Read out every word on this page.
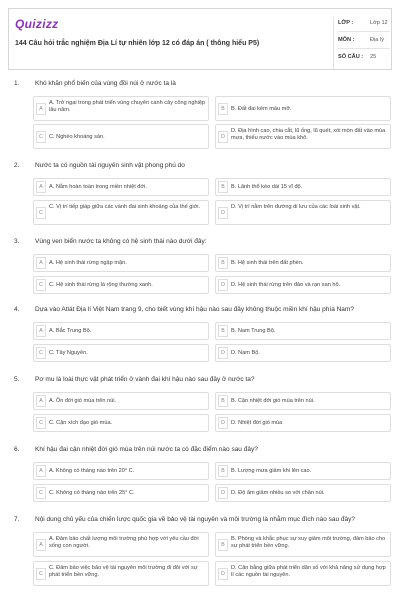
Quizizz
144 Câu hỏi trắc nghiệm Địa Lí tự nhiên lớp 12 có đáp án ( thông hiểu P5)
LỚP :	Lớp 12
MÔN :	Địa lý
SỐ CÂU : 25
1. Khó khăn phổ biến của vùng đồi núi ở nước ta là
A
A. Trở ngại trong phát triển vùng chuyên canh cây công nghiệp lâu năm.	B	B. Đất đai kém màu mỡ.
C	C. Nghèo khoáng sản.	D
D. Địa hình cao, chia cắt, lũ ống, lũ quét, xói mòn đất vào mùa mưa, thiếu nước vào mùa khô.
2. Nước ta có nguồn tài nguyên sinh vật phong phú do
A	A. Nằm hoàn toàn trong miền nhiệt đới.	B	B. Lãnh thổ kéo dài 15 vĩ độ.
C
C. Vị trí tiếp giáp giữa các vành đai sinh khoáng của thế giới.
D
D. Vị trí nằm trên đường di lưu của các loài sinh vật.
3. Vùng ven biển nước ta không có hệ sinh thái nào dưới đây:
A	A. Hệ sinh thái rừng ngập mặn.	B	B. Hệ sinh thái trên đất phèn.
C	C. Hệ sinh thái rừng lá rộng thường xanh.	D	D. Hệ sinh thái rừng trên đảo và rạn san hô.
4. Dựa vào Atlát Địa lí Việt Nam trang 9, cho biết vùng khí hậu nào sau đây không thuộc miền khí hậu phía Nam?
A	A. Bắc Trung Bộ.	B	B. Nam Trung Bộ.
C	C. Tây Nguyên.	D	D. Nam Bộ.
5. Pơ mu là loài thực vật phát triển ở vành đai khí hậu nào sau đây ở nước ta?
A	A. Ôn đới gió mùa trên núi.	B	B. Cận nhiệt đới gió mùa trên núi.
C	C. Cận xích đạo gió mùa.	D	D. Nhiệt đới gió mùa
6. Khí hậu đai cận nhiệt đới gió mùa trên núi nước ta có đặc điểm nào sau đây?
A	A. Không có tháng nào trên 20° C.	B	B. Lượng mưa giảm khi lên cao.
C	C. Không có tháng nào trên 25° C.	D	D. Độ ẩm giảm nhiều so với chân núi.
7. Nội dung chủ yếu của chiến lược quốc gia về bảo vệ tài nguyên và môi trường là nhằm mục đích nào sau đây?
A
A. Đảm bảo chất lượng môi trường phù hợp với yêu cầu đời sống con người.	B
B. Phòng và khắc phục sự suy giảm môi trường, đảm bảo cho sự phát triển bền vững.
C
C. Đảm bảo việc bảo vệ tài nguyên môi trường đi đôi với sự phát triển bền vững.	D
D. Cân bằng giữa phát triển dân số với khả năng sử dụng hợp lí các nguồn tài nguyên.
